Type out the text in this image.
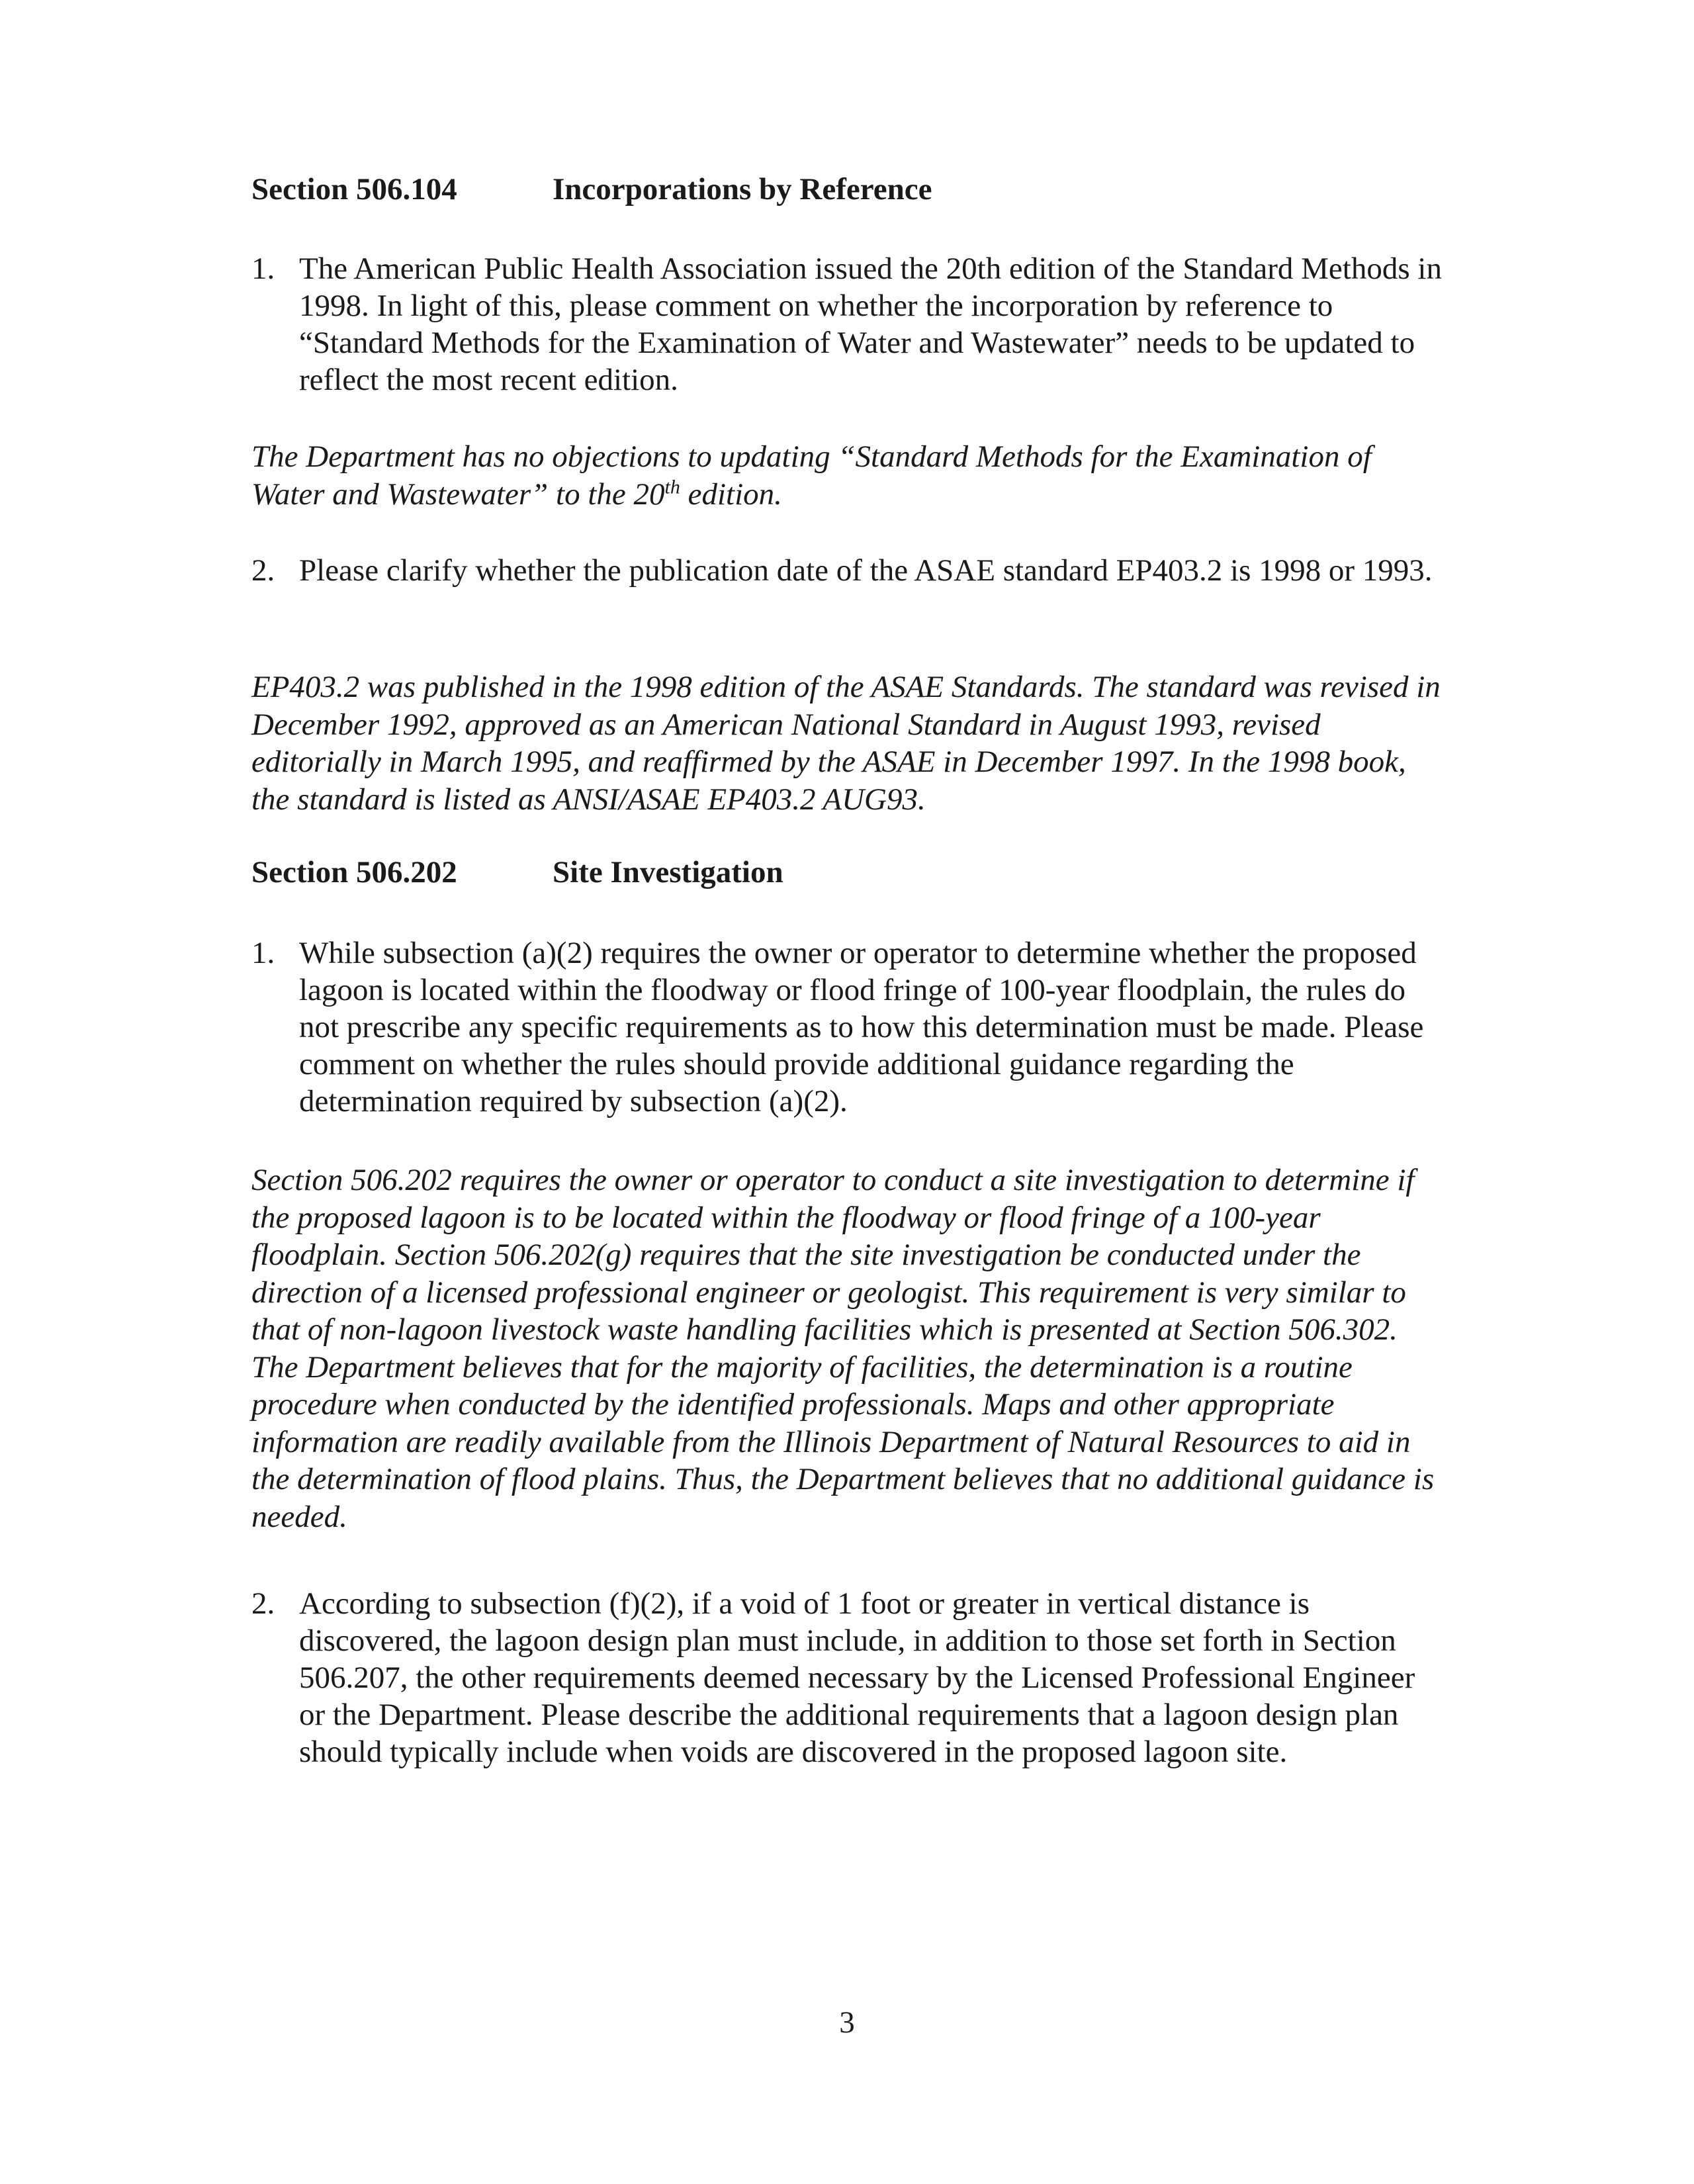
Section 506.104	Incorporations by Reference
1. The American Public Health Association issued the 20th edition of the Standard Methods in 1998. In light of this, please comment on whether the incorporation by reference to “Standard Methods for the Examination of Water and Wastewater” needs to be updated to reflect the most recent edition.
The Department has no objections to updating “Standard Methods for the Examination of Water and Wastewater” to the 20th edition.
2. Please clarify whether the publication date of the ASAE standard EP403.2 is 1998 or 1993.
EP403.2 was published in the 1998 edition of the ASAE Standards. The standard was revised in December 1992, approved as an American National Standard in August 1993, revised editorially in March 1995, and reaffirmed by the ASAE in December 1997. In the 1998 book, the standard is listed as ANSI/ASAE EP403.2 AUG93.
Section 506.202	Site Investigation
1. While subsection (a)(2) requires the owner or operator to determine whether the proposed lagoon is located within the floodway or flood fringe of 100-year floodplain, the rules do not prescribe any specific requirements as to how this determination must be made. Please comment on whether the rules should provide additional guidance regarding the determination required by subsection (a)(2).
Section 506.202 requires the owner or operator to conduct a site investigation to determine if the proposed lagoon is to be located within the floodway or flood fringe of a 100-year floodplain. Section 506.202(g) requires that the site investigation be conducted under the direction of a licensed professional engineer or geologist. This requirement is very similar to that of non-lagoon livestock waste handling facilities which is presented at Section 506.302. The Department believes that for the majority of facilities, the determination is a routine procedure when conducted by the identified professionals. Maps and other appropriate information are readily available from the Illinois Department of Natural Resources to aid in the determination of flood plains. Thus, the Department believes that no additional guidance is needed.
2. According to subsection (f)(2), if a void of 1 foot or greater in vertical distance is discovered, the lagoon design plan must include, in addition to those set forth in Section 506.207, the other requirements deemed necessary by the Licensed Professional Engineer or the Department. Please describe the additional requirements that a lagoon design plan should typically include when voids are discovered in the proposed lagoon site.
3
